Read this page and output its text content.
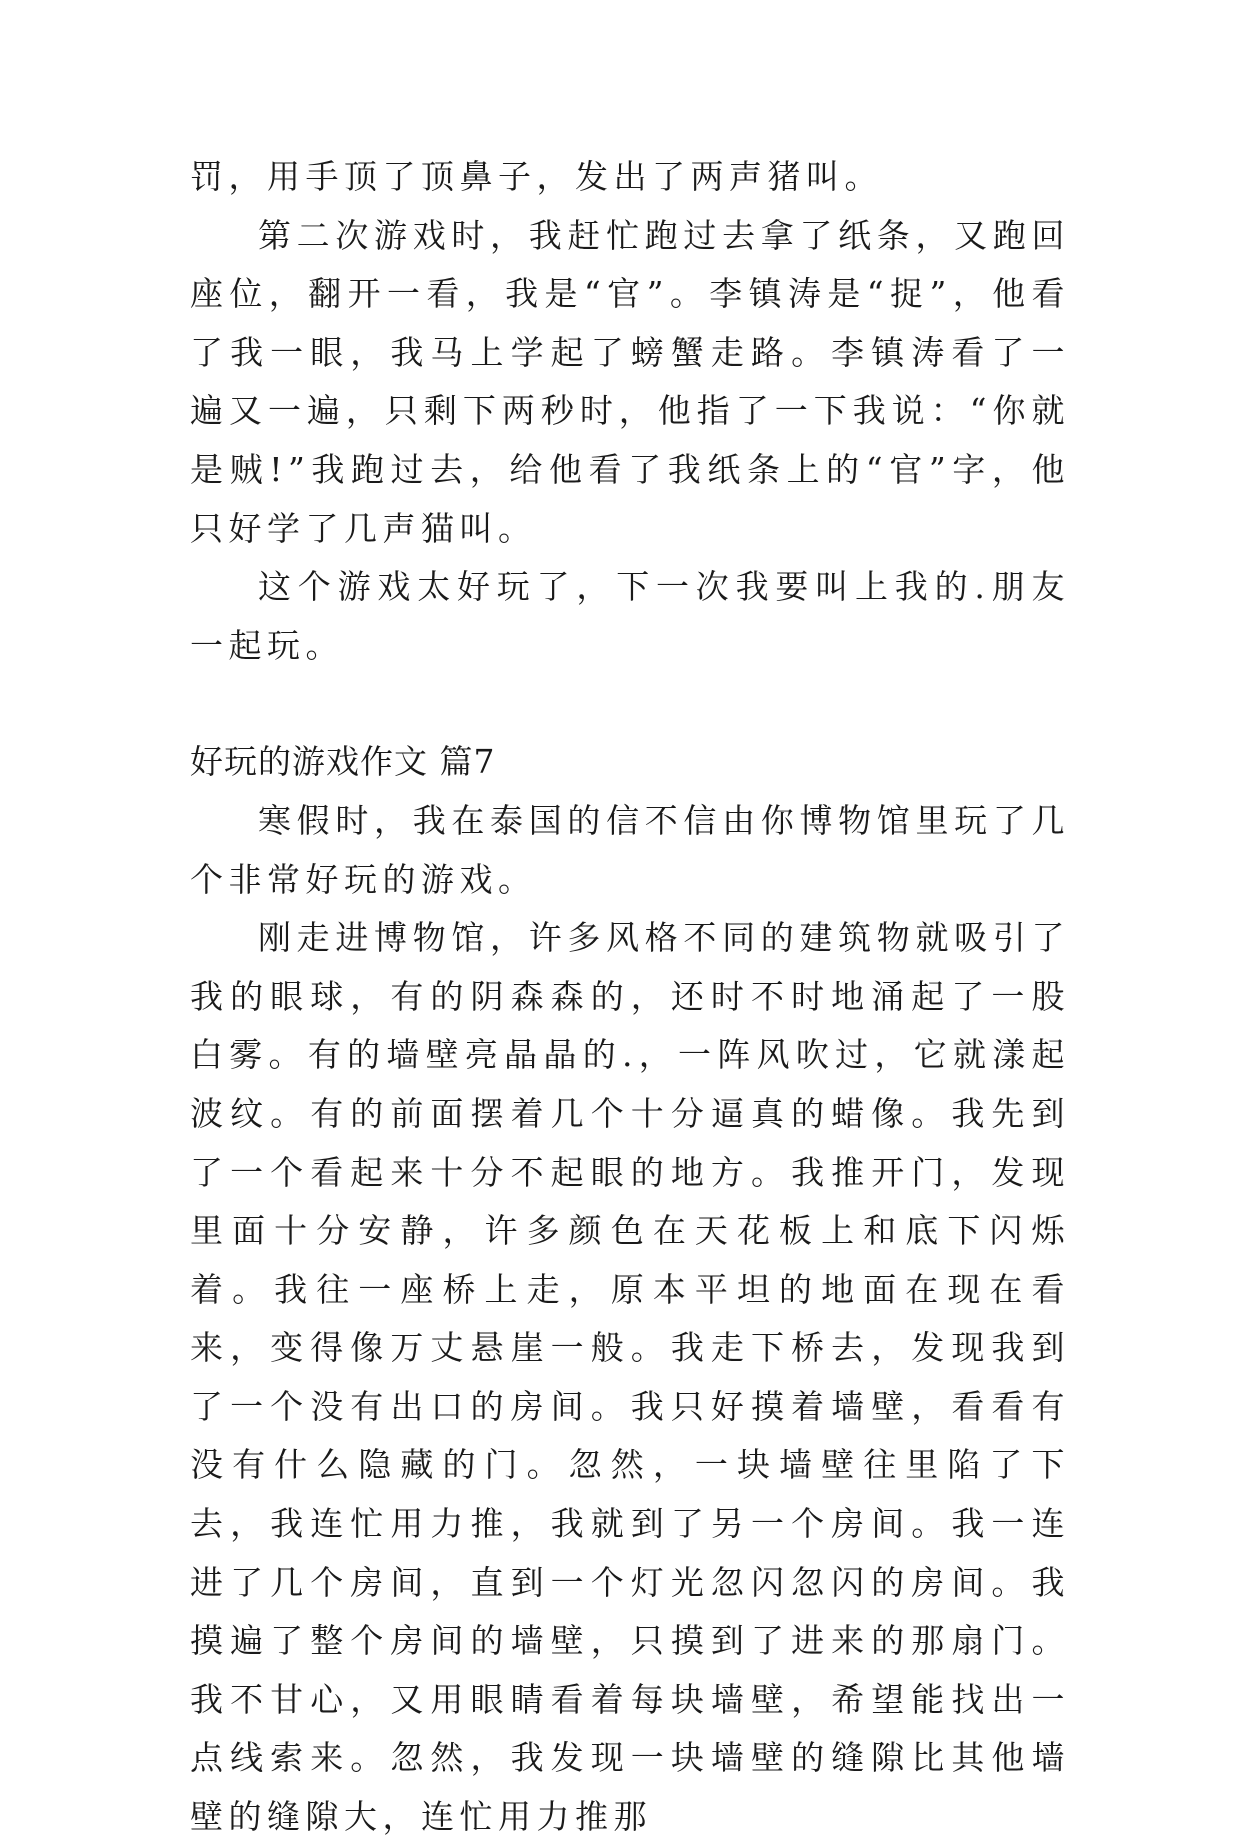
罚，用手顶了顶鼻子，发出了两声猪叫。

第二次游戏时，我赶忙跑过去拿了纸条，又跑回座位，翻开一看，我是“官”。李镇涛是“捉”，他看了我一眼，我马上学起了螃蟹走路。李镇涛看了一遍又一遍，只剩下两秒时，他指了一下我说：“你就是贼!”我跑过去，给他看了我纸条上的“官”字，他只好学了几声猫叫。

这个游戏太好玩了，下一次我要叫上我的.朋友一起玩。

好玩的游戏作文 篇7

寒假时，我在泰国的信不信由你博物馆里玩了几个非常好玩的游戏。

刚走进博物馆，许多风格不同的建筑物就吸引了我的眼球，有的阴森森的，还时不时地涌起了一股白雾。有的墙壁亮晶晶的.，一阵风吹过，它就漾起波纹。有的前面摆着几个十分逼真的蜡像。我先到了一个看起来十分不起眼的地方。我推开门，发现里面十分安静，许多颜色在天花板上和底下闪烁着。我往一座桥上走，原本平坦的地面在现在看来，变得像万丈悬崖一般。我走下桥去，发现我到了一个没有出口的房间。我只好摸着墙壁，看看有没有什么隐藏的门。忽然，一块墙壁往里陷了下去，我连忙用力推，我就到了另一个房间。我一连进了几个房间，直到一个灯光忽闪忽闪的房间。我摸遍了整个房间的墙壁，只摸到了进来的那扇门。我不甘心，又用眼睛看着每块墙壁，希望能找出一点线索来。忽然，我发现一块墙壁的缝隙比其他墙壁的缝隙大，连忙用力推那
